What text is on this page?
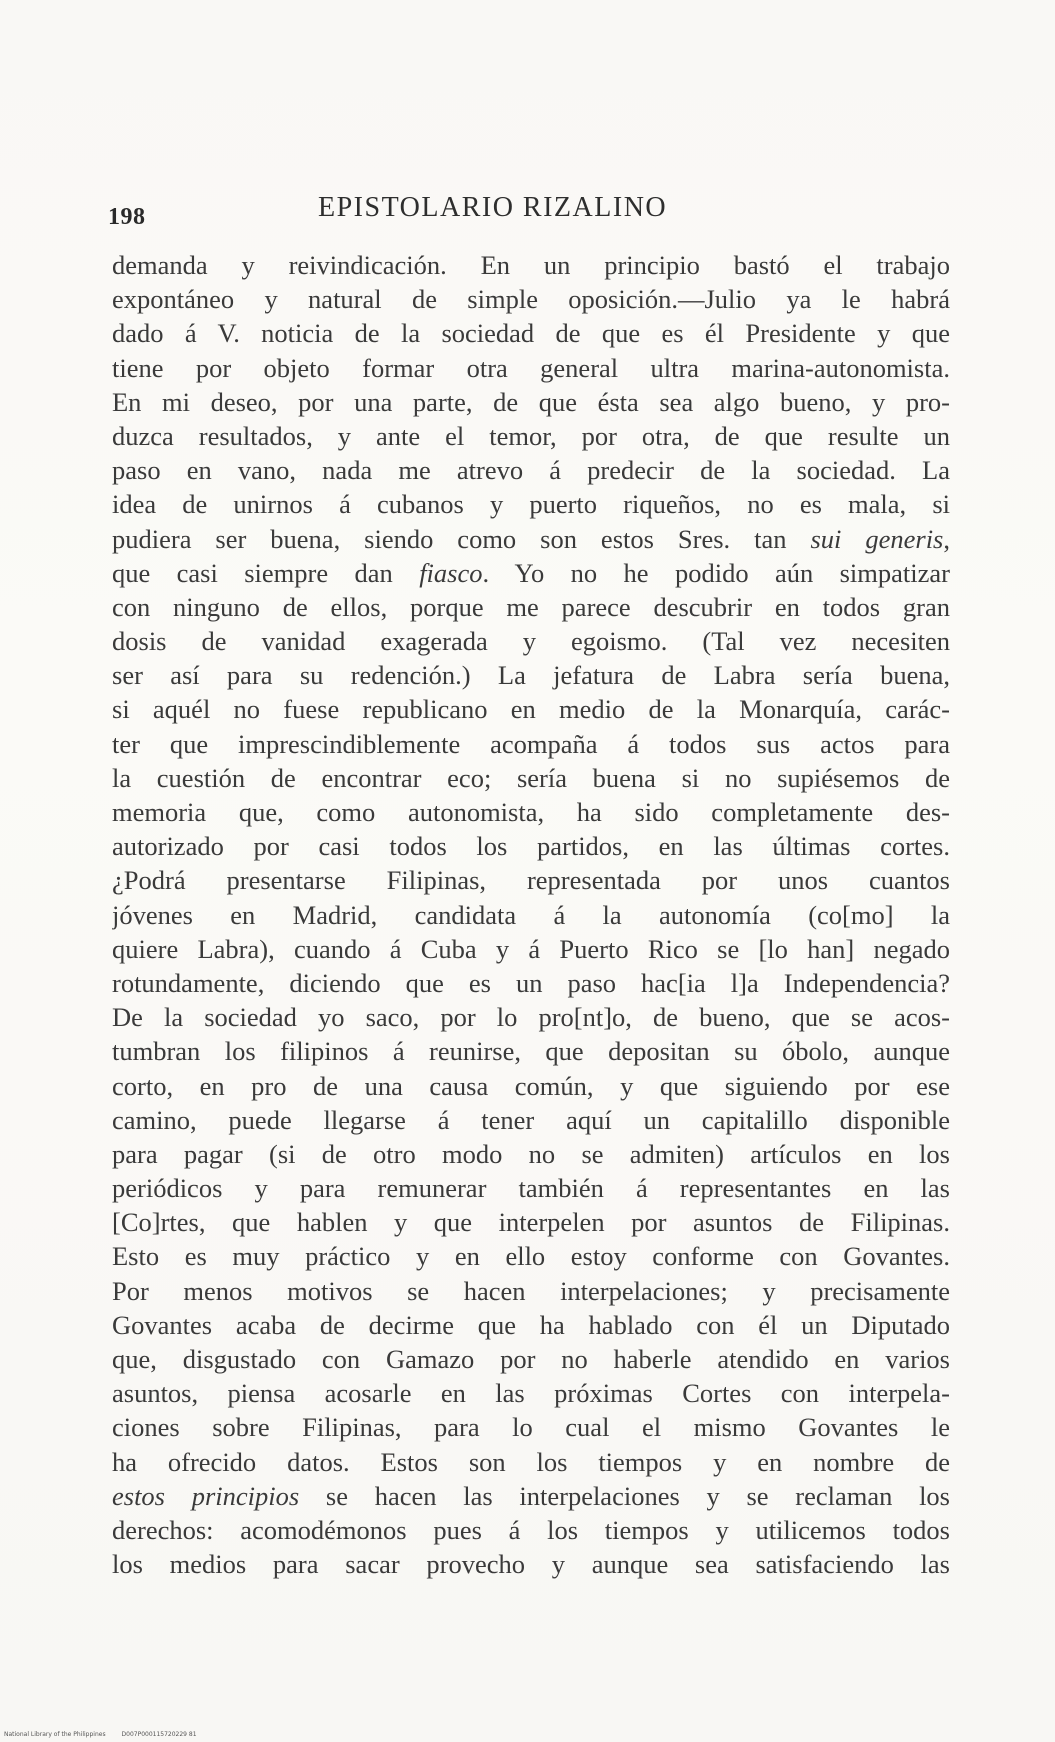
198	EPISTOLARIO RIZALINO
demanda y reivindicación. En un principio bastó el trabajo
expontáneo y natural de simple oposición.—Julio ya le habrá
dado á V. noticia de la sociedad de que es él Presidente y que
tiene por objeto formar otra general ultra marina-autonomista.
En mi deseo, por una parte, de que ésta sea algo bueno, y pro-
duzca resultados, y ante el temor, por otra, de que resulte un
paso en vano, nada me atrevo á predecir de la sociedad. La
idea de unirnos á cubanos y puerto riqueños, no es mala, si
pudiera ser buena, siendo como son estos Sres. tan sui generis,
que casi siempre dan fiasco. Yo no he podido aún simpatizar
con ninguno de ellos, porque me parece descubrir en todos gran
dosis de vanidad exagerada y egoismo. (Tal vez necesiten
ser así para su redención.) La jefatura de Labra sería buena,
si aquél no fuese republicano en medio de la Monarquía, carác-
ter que imprescindiblemente acompaña á todos sus actos para
la cuestión de encontrar eco; sería buena si no supiésemos de
memoria que, como autonomista, ha sido completamente des-
autorizado por casi todos los partidos, en las últimas cortes.
¿Podrá presentarse Filipinas, representada por unos cuantos
jóvenes en Madrid, candidata á la autonomía (co[mo] la
quiere Labra), cuando á Cuba y á Puerto Rico se [lo han] negado
rotundamente, diciendo que es un paso hac[ia l]a Independencia?
De la sociedad yo saco, por lo pro[nt]o, de bueno, que se acos-
tumbran los filipinos á reunirse, que depositan su óbolo, aunque
corto, en pro de una causa común, y que siguiendo por ese
camino, puede llegarse á tener aquí un capitalillo disponible
para pagar (si de otro modo no se admiten) artículos en los
periódicos y para remunerar también á representantes en las
[Co]rtes, que hablen y que interpelen por asuntos de Filipinas.
Esto es muy práctico y en ello estoy conforme con Govantes.
Por menos motivos se hacen interpelaciones; y precisamente
Govantes acaba de decirme que ha hablado con él un Diputado
que, disgustado con Gamazo por no haberle atendido en varios
asuntos, piensa acosarle en las próximas Cortes con interpela-
ciones sobre Filipinas, para lo cual el mismo Govantes le
ha ofrecido datos. Estos son los tiempos y en nombre de
estos principios se hacen las interpelaciones y se reclaman los
derechos: acomodémonos pues á los tiempos y utilicemos todos
los medios para sacar provecho y aunque sea satisfaciendo las
National Library of the Philippines	D007P000115720229 81
